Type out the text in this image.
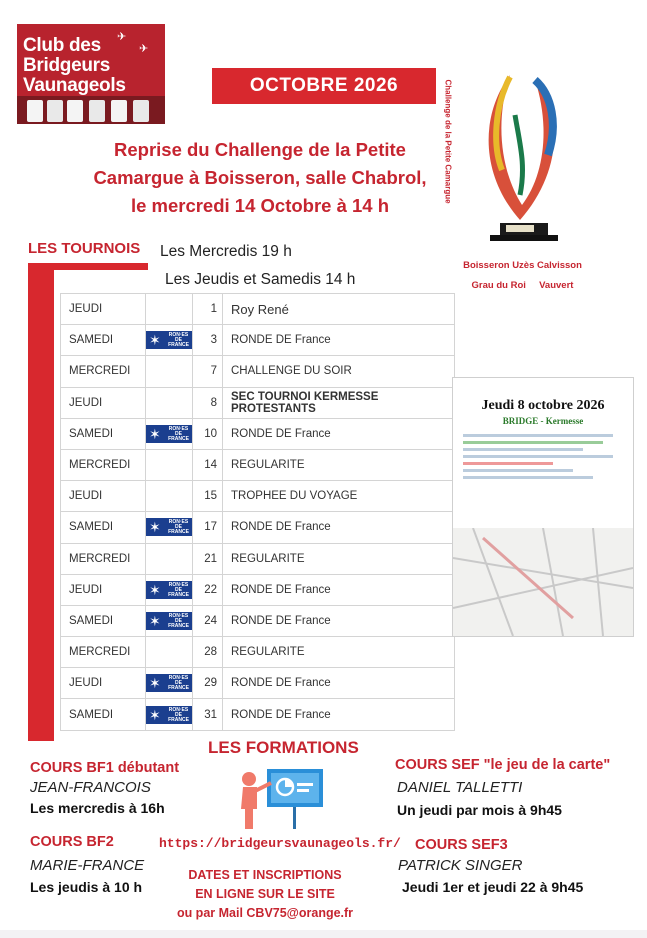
✈
✈
Club des
Bridgeurs
Vaunageols	OCTOBRE 2026
Reprise du Challenge de la Petite
Camargue à Boisseron, salle Chabrol,
le mercredi 14 Octobre à 14 h
Challenge de la Petite Camargue
Boisseron Uzès Calvisson
Grau du Roi     Vauvert
LES TOURNOIS Les Mercredis 19 h
Les Jeudis et Samedis 14 h
JEUDI		1	Roy René
SAMEDI	✶ RON·ES DE FRANCE	3	RONDE DE France
MERCREDI		7	CHALLENGE DU SOIR
JEUDI		8	SEC TOURNOI KERMESSE PROTESTANTS
SAMEDI	✶ RON·ES DE FRANCE	10	RONDE DE France
MERCREDI		14	REGULARITE
JEUDI		15	TROPHEE DU VOYAGE
SAMEDI	✶ RON·ES DE FRANCE	17	RONDE DE France
MERCREDI		21	REGULARITE
JEUDI	✶ RON·ES DE FRANCE	22	RONDE DE France
SAMEDI	✶ RON·ES DE FRANCE	24	RONDE DE France
MERCREDI		28	REGULARITE
JEUDI	✶ RON·ES DE FRANCE	29	RONDE DE France
SAMEDI	✶ RON·ES DE FRANCE	31	RONDE DE France
Jeudi 8 octobre 2026
BRIDGE - Kermesse
LES FORMATIONS
COURS BF1 débutant
JEAN-FRANCOIS
Les mercredis à 16h
COURS BF2
MARIE-FRANCE
Les jeudis à 10 h
COURS SEF "le jeu de la carte"
DANIEL TALLETTI
Un jeudi par mois à 9h45
COURS SEF3
PATRICK SINGER
Jeudi 1er et jeudi 22 à 9h45
https://bridgeursvaunageols.fr/
DATES ET INSCRIPTIONS
EN LIGNE SUR LE SITE
ou par Mail CBV75@orange.fr
